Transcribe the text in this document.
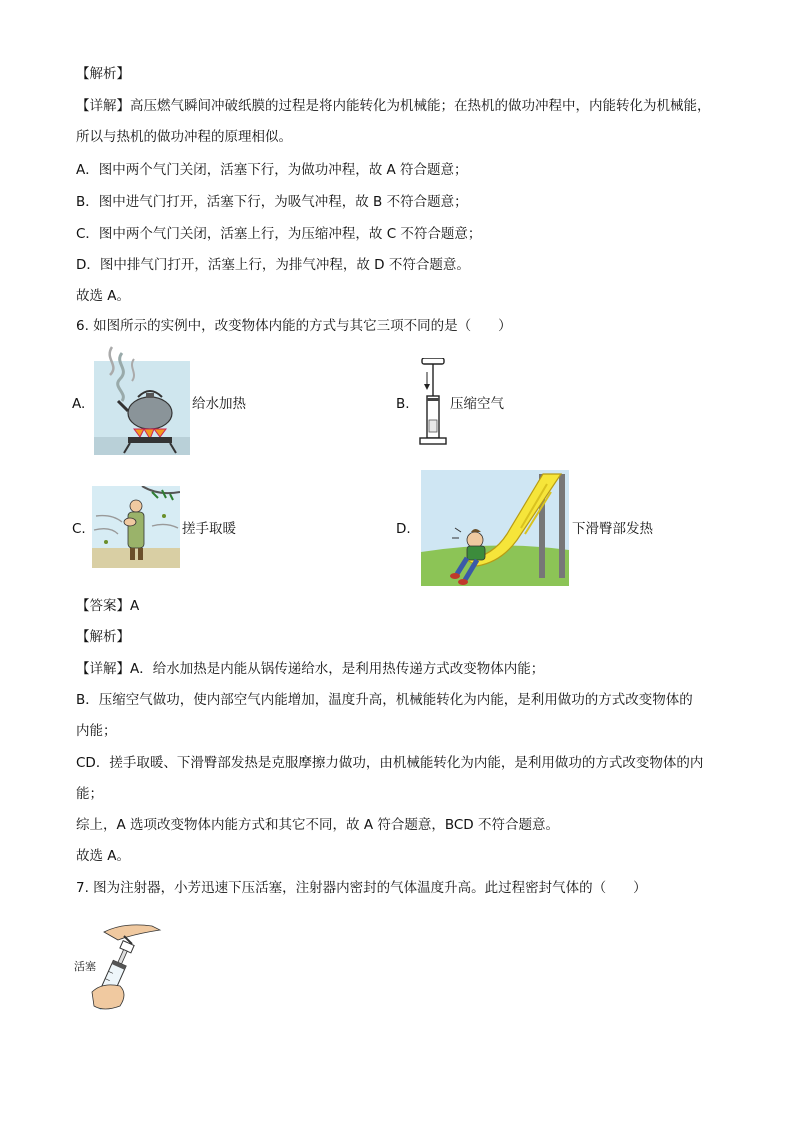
【解析】
【详解】高压燃气瞬间冲破纸膜的过程是将内能转化为机械能；在热机的做功冲程中，内能转化为机械能，
所以与热机的做功冲程的原理相似。
A．图中两个气门关闭，活塞下行，为做功冲程，故 A 符合题意；
B．图中进气门打开，活塞下行，为吸气冲程，故 B 不符合题意；
C．图中两个气门关闭，活塞上行，为压缩冲程，故 C 不符合题意；
D．图中排气门打开，活塞上行，为排气冲程，故 D 不符合题意。
故选 A。
6. 如图所示的实例中，改变物体内能的方式与其它三项不同的是（　　）
A.	给水加热	B.	压缩空气
C.	搓手取暖	D.	下滑臀部发热
【答案】A
【解析】
【详解】A．给水加热是内能从锅传递给水，是利用热传递方式改变物体内能；
B．压缩空气做功，使内部空气内能增加，温度升高，机械能转化为内能，是利用做功的方式改变物体的
内能；
CD．搓手取暖、下滑臀部发热是克服摩擦力做功，由机械能转化为内能，是利用做功的方式改变物体的内
能；
综上，A 选项改变物体内能方式和其它不同，故 A 符合题意，BCD 不符合题意。
故选 A。
7. 图为注射器，小芳迅速下压活塞，注射器内密封的气体温度升高。此过程密封气体的（　　）
活塞
